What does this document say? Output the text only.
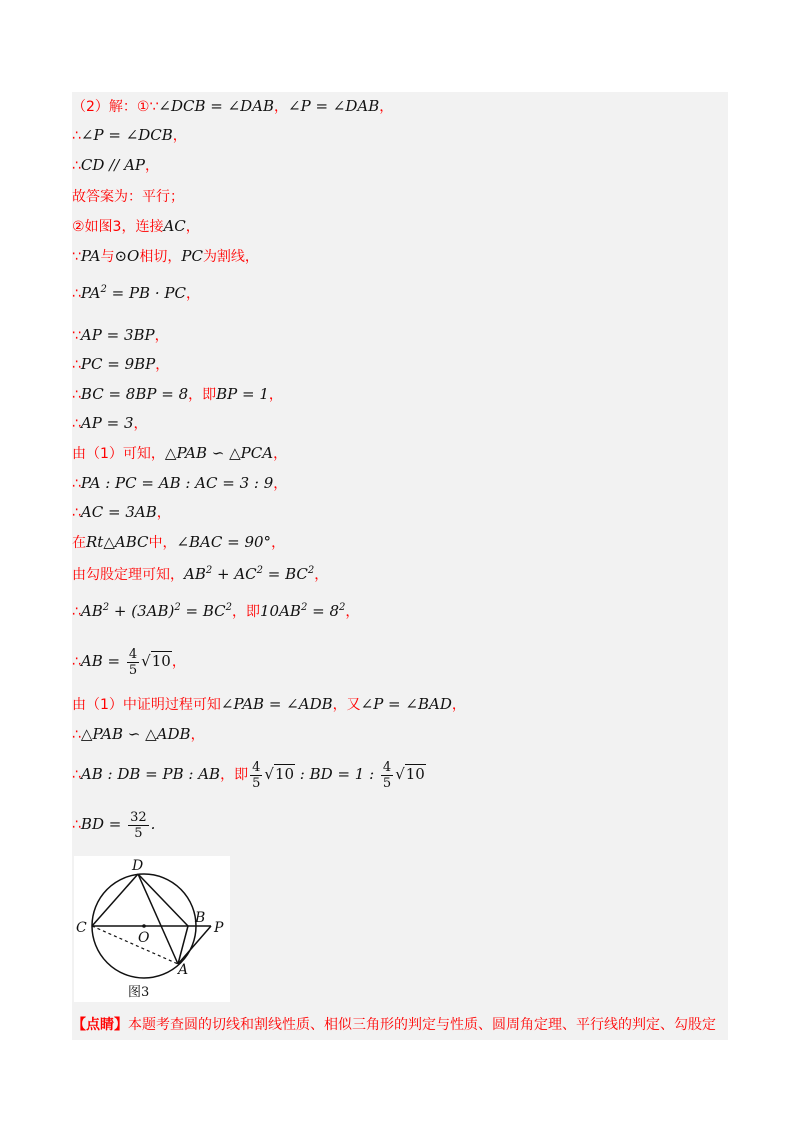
（2）解：①∵∠DCB = ∠DAB，∠P = ∠DAB，
∴∠P = ∠DCB，
∴CD // AP，
故答案为：平行；
②如图3，连接AC，
∵PA与⊙O相切，PC为割线，
$\therefore PA^2$ = PB · PC，
∵AP = 3BP，
∴PC = 9BP，
∴BC = 8BP = 8，即BP = 1，
∴AP = 3，
由（1）可知，△PAB ∽ △PCA，
∴PA : PC = AB : AC = 3 : 9，
∴AC = 3AB，
在Rt△ABC中，∠BAC = 90°，
由勾股定理可知，$AB^2 + AC^2 = BC^2$，
$\therefore AB^2 + (3AB)^2 = BC^2$，即$10AB^2 = 8^2$，
∴AB = $\frac{4}{5} √10$，
由（1）中证明过程可知∠PAB = ∠ADB，又∠P = ∠BAD，
∴△PAB ∽ △ADB，
∴AB : DB = PB : AB，即 $\frac{4}{5} √10$ : BD = 1 : $\frac{4}{5} √10$
∴BD = $\frac{32}{5}$ .
D
C
O
B
P
A
图3
【点睛】本题考查圆的切线和割线性质、相似三角形的判定与性质、圆周角定理、平行线的判定、勾股定
